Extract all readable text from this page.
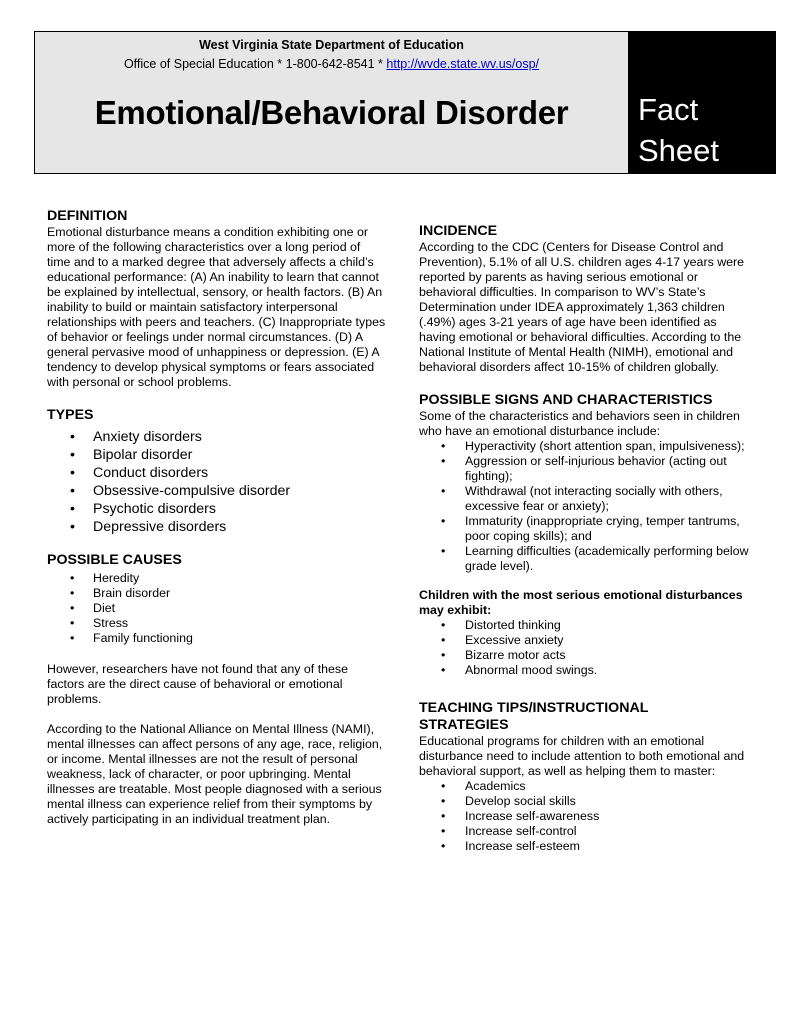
West Virginia State Department of Education
Office of Special Education * 1-800-642-8541 * http://wvde.state.wv.us/osp/
Emotional/Behavioral Disorder	Fact
Sheet
DEFINITION

Emotional disturbance means a condition exhibiting one or more of the following characteristics over a long period of time and to a marked degree that adversely affects a child’s educational performance: (A) An inability to learn that cannot be explained by intellectual, sensory, or health factors. (B) An inability to build or maintain satisfactory interpersonal relationships with peers and teachers. (C) Inappropriate types of behavior or feelings under normal circumstances. (D) A general pervasive mood of unhappiness or depression. (E) A tendency to develop physical symptoms or fears associated with personal or school problems.

TYPES
• Anxiety disorders
• Bipolar disorder
• Conduct disorders
• Obsessive-compulsive disorder
• Psychotic disorders
• Depressive disorders
POSSIBLE CAUSES
• Heredity
• Brain disorder
• Diet
• Stress
• Family functioning

However, researchers have not found that any of these factors are the direct cause of behavioral or emotional problems.

According to the National Alliance on Mental Illness (NAMI), mental illnesses can affect persons of any age, race, religion, or income. Mental illnesses are not the result of personal weakness, lack of character, or poor upbringing. Mental illnesses are treatable. Most people diagnosed with a serious mental illness can experience relief from their symptoms by actively participating in an individual treatment plan.

INCIDENCE

According to the CDC (Centers for Disease Control and Prevention), 5.1% of all U.S. children ages 4-17 years were reported by parents as having serious emotional or behavioral difficulties. In comparison to WV’s State’s Determination under IDEA approximately 1,363 children (.49%) ages 3-21 years of age have been identified as having emotional or behavioral difficulties. According to the National Institute of Mental Health (NIMH), emotional and behavioral disorders affect 10-15% of children globally.

POSSIBLE SIGNS AND CHARACTERISTICS

Some of the characteristics and behaviors seen in children who have an emotional disturbance include:

• Hyperactivity (short attention span, impulsiveness);
• Aggression or self-injurious behavior (acting out fighting);
• Withdrawal (not interacting socially with others, excessive fear or anxiety);
• Immaturity (inappropriate crying, temper tantrums, poor coping skills); and
• Learning difficulties (academically performing below grade level).

Children with the most serious emotional disturbances may exhibit:

• Distorted thinking
• Excessive anxiety
• Bizarre motor acts
• Abnormal mood swings.
TEACHING TIPS/INSTRUCTIONAL STRATEGIES

Educational programs for children with an emotional disturbance need to include attention to both emotional and behavioral support, as well as helping them to master:

• Academics
• Develop social skills
• Increase self-awareness
• Increase self-control
• Increase self-esteem
